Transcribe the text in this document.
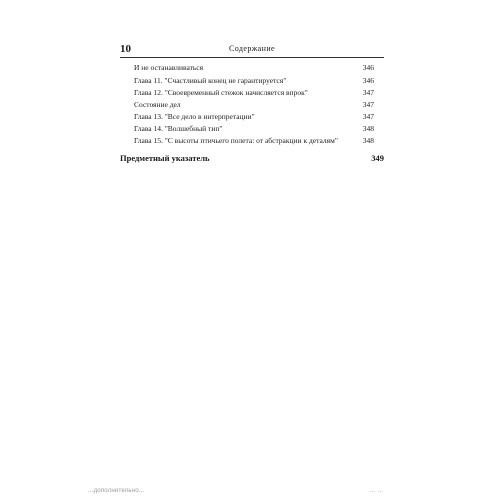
10	Содержание
И не останавливаться	346
Глава 11. "Счастливый конец не гарантируется"	346
Глава 12. "Своевременный стежок начисляется впрок"	347
Состояние дел	347
Глава 13. "Все дело в интерпретации"	347
Глава 14. "Волшебный тип"	348
Глава 15. "С высоты птичьего полета: от абстракции к деталям"	348
Предметный указатель	349
...дополнительно...	... ...
